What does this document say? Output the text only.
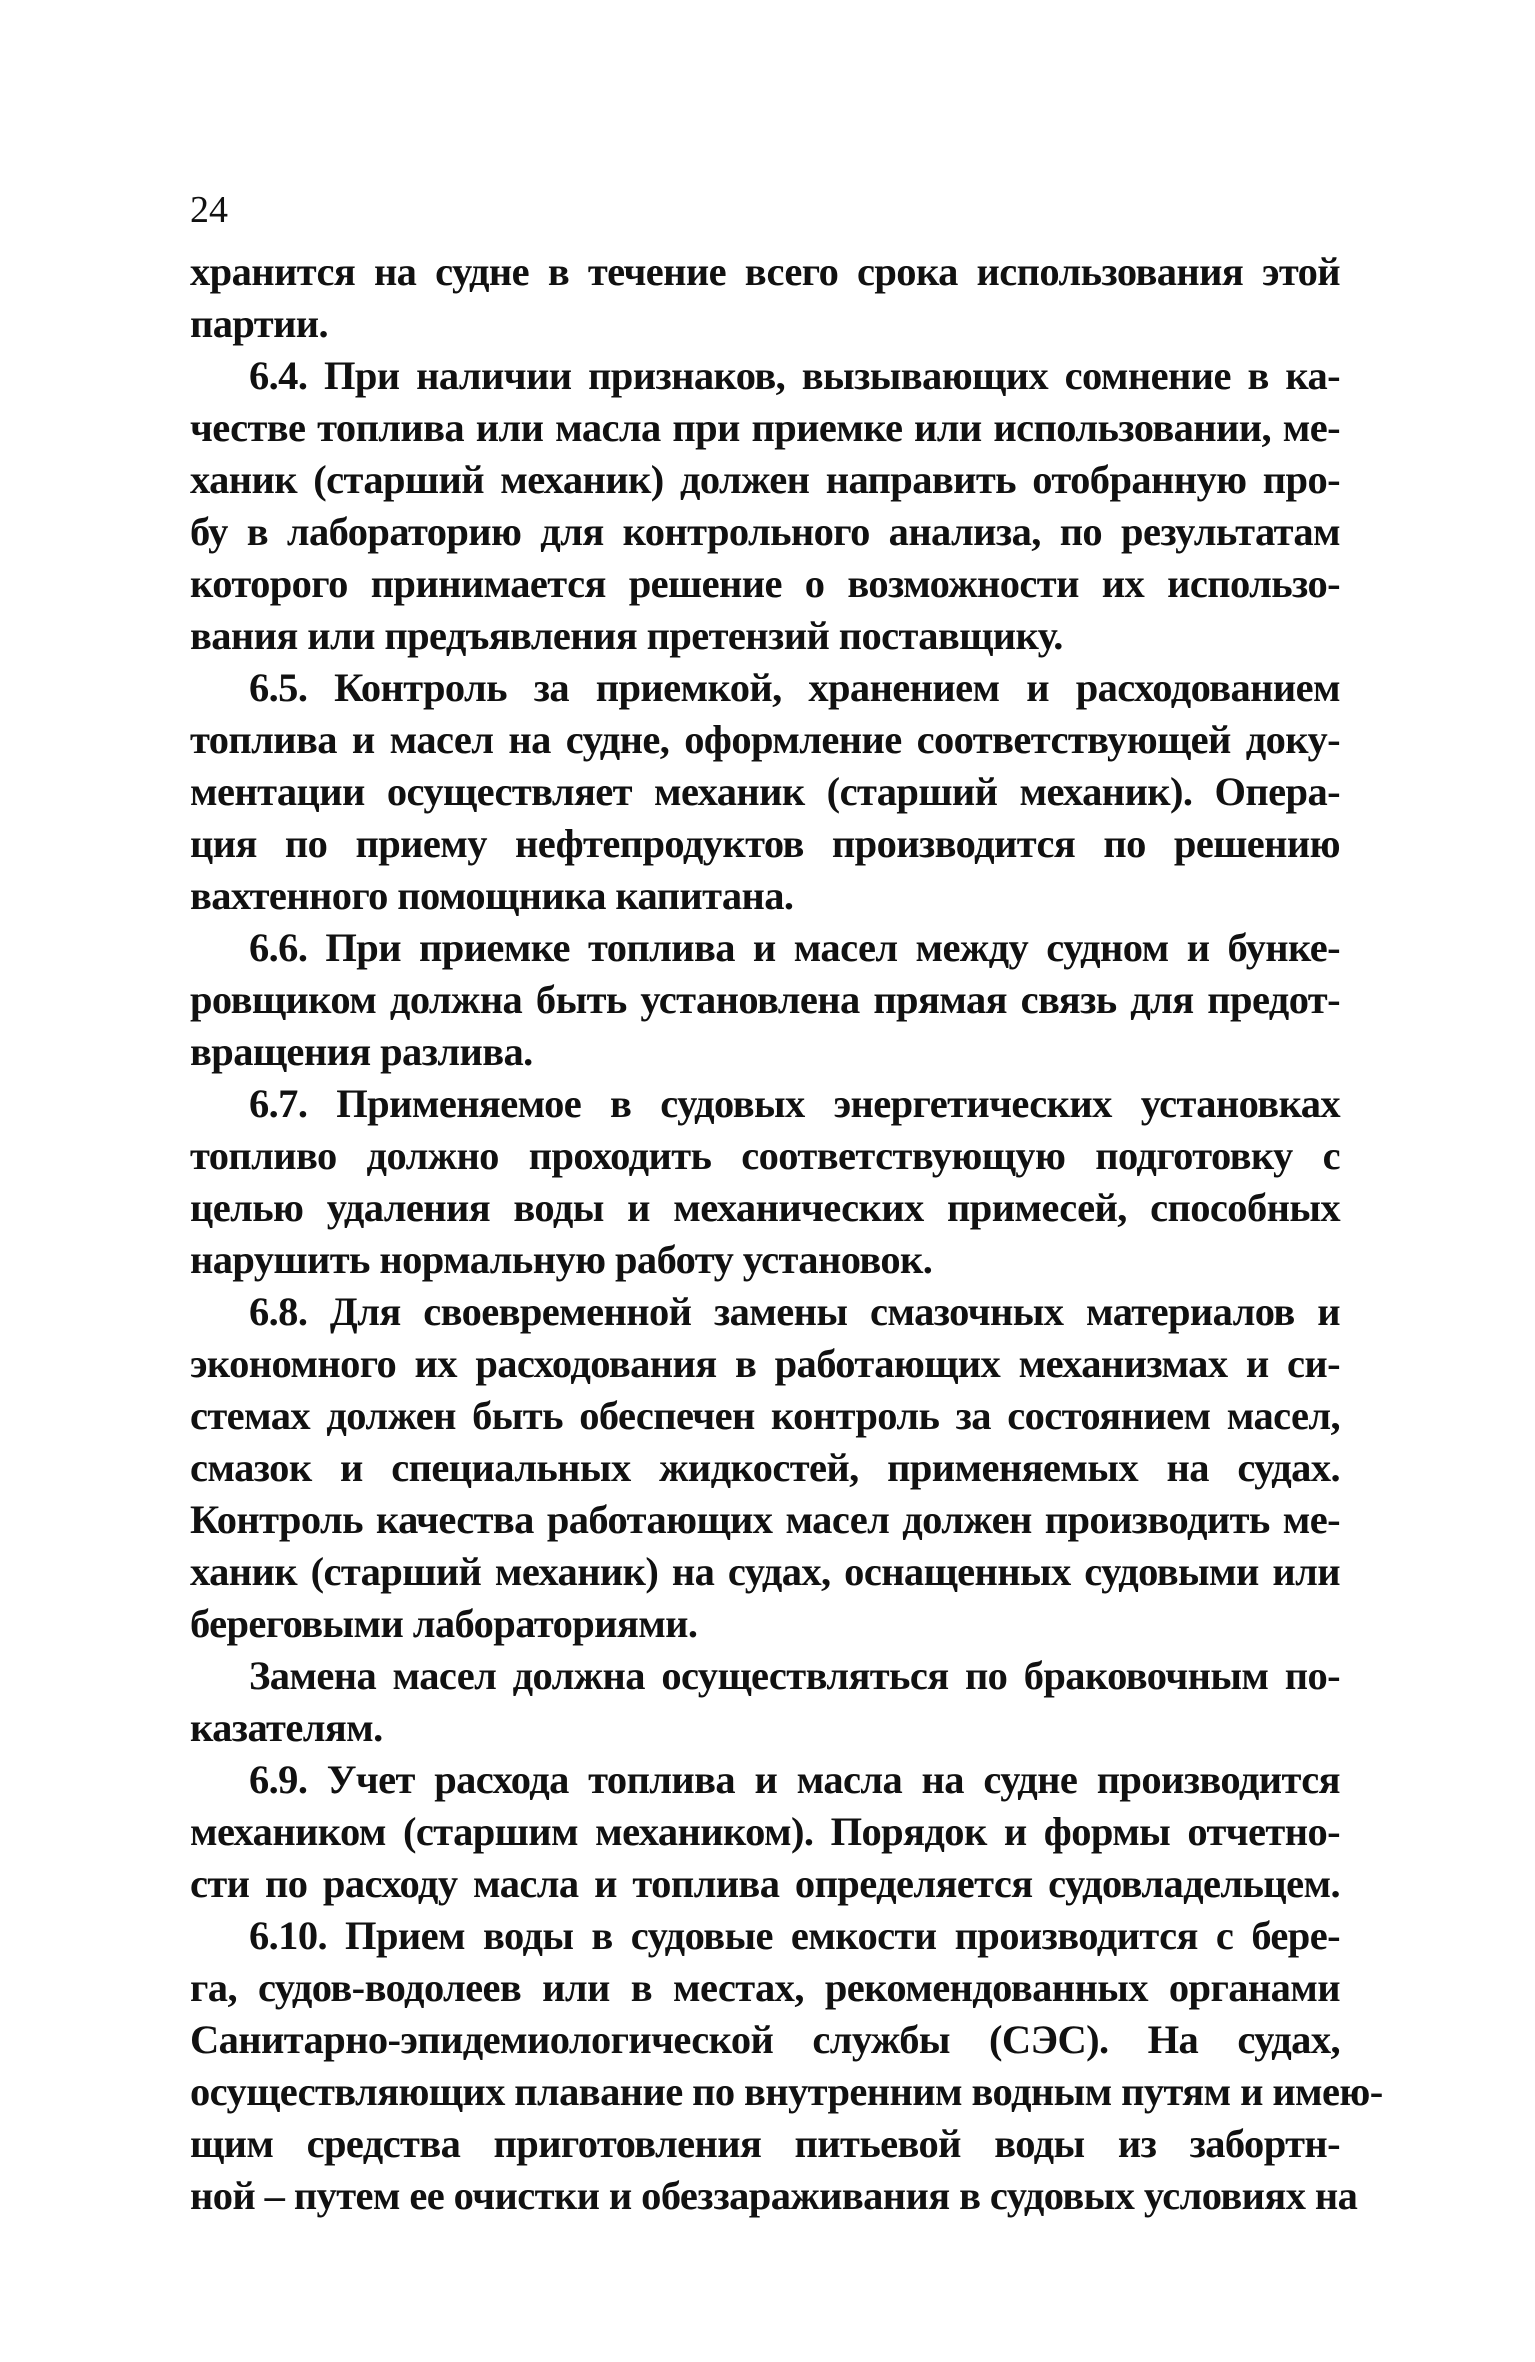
24
хранится на судне в течение всего срока использования этой
партии.
6.4. При наличии признаков, вызывающих сомнение в ка-
честве топлива или масла при приемке или использовании, ме-
ханик (старший механик) должен направить отобранную про-
бу в лабораторию для контрольного анализа, по результатам
которого принимается решение о возможности их использо-
вания или предъявления претензий поставщику.
6.5. Контроль за приемкой, хранением и расходованием
топлива и масел на судне, оформление соответствующей доку-
ментации осуществляет механик (старший механик). Опера-
ция по приему нефтепродуктов производится по решению
вахтенного помощника капитана.
6.6. При приемке топлива и масел между судном и бунке-
ровщиком должна быть установлена прямая связь для предот-
вращения разлива.
6.7. Применяемое в судовых энергетических установках
топливо должно проходить соответствующую подготовку с
целью удаления воды и механических примесей, способных
нарушить нормальную работу установок.
6.8. Для своевременной замены смазочных материалов и
экономного их расходования в работающих механизмах и си-
стемах должен быть обеспечен контроль за состоянием масел,
смазок и специальных жидкостей, применяемых на судах.
Контроль качества работающих масел должен производить ме-
ханик (старший механик) на судах, оснащенных судовыми или
береговыми лабораториями.
Замена масел должна осуществляться по браковочным по-
казателям.
6.9. Учет расхода топлива и масла на судне производится
механиком (старшим механиком). Порядок и формы отчетно-
сти по расходу масла и топлива определяется судовладельцем.
6.10. Прием воды в судовые емкости производится с бере-
га, судов-водолеев или в местах, рекомендованных органами
Санитарно-эпидемиологической службы (СЭС). На судах,
осуществляющих плавание по внутренним водным путям и имею-
щим средства приготовления питьевой воды из забортн-
ной – путем ее очистки и обеззараживания в судовых условиях на
